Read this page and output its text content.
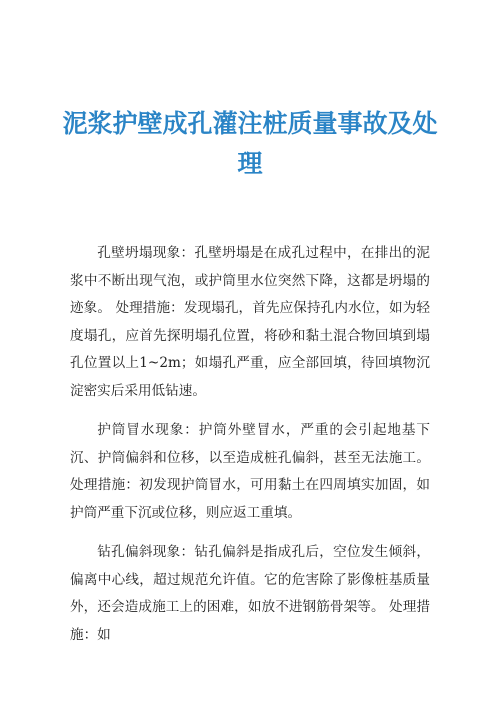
泥浆护壁成孔灌注桩质量事故及处理

孔壁坍塌现象：孔壁坍塌是在成孔过程中，在排出的泥浆中不断出现气泡，或护筒里水位突然下降，这都是坍塌的迹象。 处理措施：发现塌孔，首先应保持孔内水位，如为轻度塌孔，应首先探明塌孔位置，将砂和黏土混合物回填到塌孔位置以上1~2m；如塌孔严重，应全部回填，待回填物沉淀密实后采用低钻速。

护筒冒水现象：护筒外壁冒水，严重的会引起地基下沉、护筒偏斜和位移，以至造成桩孔偏斜，甚至无法施工。 处理措施：初发现护筒冒水，可用黏土在四周填实加固，如护筒严重下沉或位移，则应返工重填。

钻孔偏斜现象：钻孔偏斜是指成孔后，空位发生倾斜，偏离中心线，超过规范允许值。它的危害除了影像桩基质量外，还会造成施工上的困难，如放不进钢筋骨架等。 处理措施：如
